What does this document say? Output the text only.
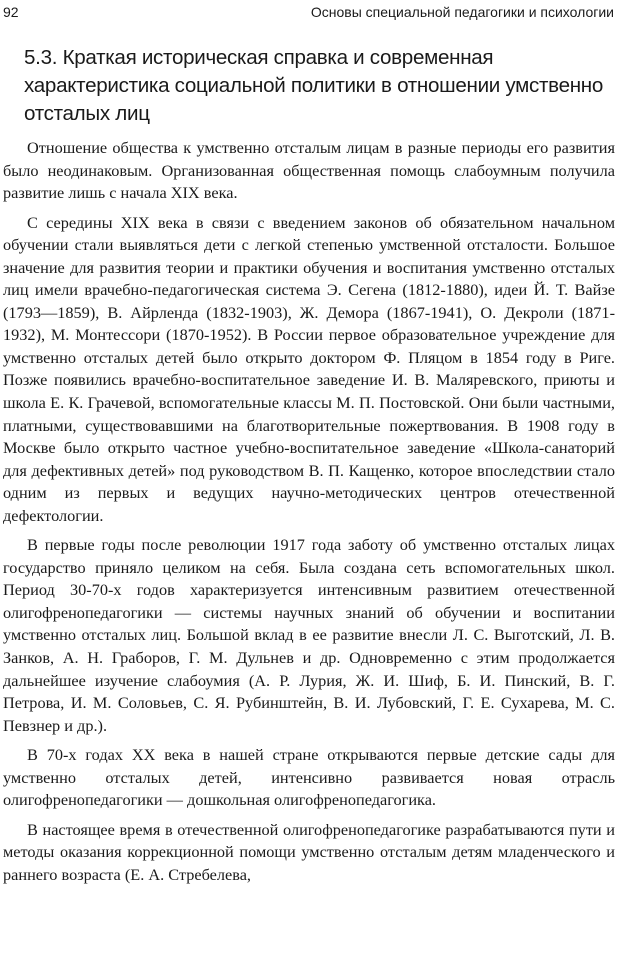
92	Основы специальной педагогики и психологии
5.3. Краткая историческая справка и современная характеристика социальной политики в отношении умственно отсталых лиц

Отношение общества к умственно отсталым лицам в разные периоды его развития было неодинаковым. Организованная общественная помощь слабоумным получила развитие лишь с начала XIX века.

С середины XIX века в связи с введением законов об обязательном начальном обучении стали выявляться дети с легкой степенью умственной отсталости. Большое значение для развития теории и практики обучения и воспитания умственно отсталых лиц имели врачебно-педагогическая система Э. Сегена (1812-1880), идеи Й. Т. Вайзе (1793—1859), В. Айрленда (1832-1903), Ж. Демора (1867-1941), О. Декроли (1871-1932), М. Монтессори (1870-1952). В России первое образовательное учреждение для умственно отсталых детей было открыто доктором Ф. Пляцом в 1854 году в Риге. Позже появились врачебно-воспитательное заведение И. В. Маляревского, приюты и школа Е. К. Грачевой, вспомогательные классы М. П. Постовской. Они были частными, платными, существовавшими на благотворительные пожертвования. В 1908 году в Москве было открыто частное учебно-воспитательное заведение «Школа-санаторий для дефективных детей» под руководством В. П. Кащенко, которое впоследствии стало одним из первых и ведущих научно-методических центров отечественной дефектологии.

В первые годы после революции 1917 года заботу об умственно отсталых лицах государство приняло целиком на себя. Была создана сеть вспомогательных школ. Период 30-70-х годов характеризуется интенсивным развитием отечественной олигофренопедагогики — системы научных знаний об обучении и воспитании умственно отсталых лиц. Большой вклад в ее развитие внесли Л. С. Выготский, Л. В. Занков, А. Н. Граборов, Г. М. Дульнев и др. Одновременно с этим продолжается дальнейшее изучение слабоумия (А. Р. Лурия, Ж. И. Шиф, Б. И. Пинский, В. Г. Петрова, И. М. Соловьев, С. Я. Рубинштейн, В. И. Лубовский, Г. Е. Сухарева, М. С. Певзнер и др.).

В 70-х годах XX века в нашей стране открываются первые детские сады для умственно отсталых детей, интенсивно развивается новая отрасль олигофренопедагогики — дошкольная олигофренопедагогика.

В настоящее время в отечественной олигофренопедагогике разрабатываются пути и методы оказания коррекционной помощи умственно отсталым детям младенческого и раннего возраста (Е. А. Стребелева,
